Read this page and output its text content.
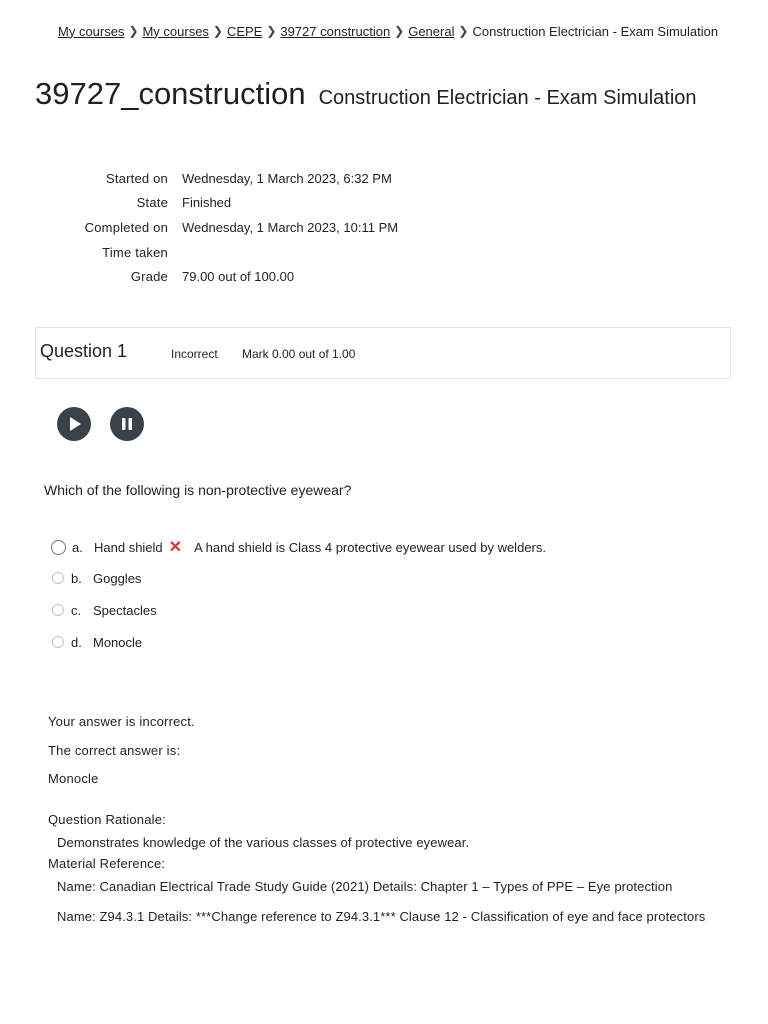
My courses ❯ My courses ❯ CEPE ❯ 39727 construction ❯ General ❯ Construction Electrician - Exam Simulation
39727_construction Construction Electrician - Exam Simulation
Started on	Wednesday, 1 March 2023, 6:32 PM
State	Finished
Completed on	Wednesday, 1 March 2023, 10:11 PM
Time taken
Grade	79.00 out of 100.00
Question 1	Incorrect Mark 0.00 out of 1.00
Which of the following is non-protective eyewear?
a. Hand shield ✕ A hand shield is Class 4 protective eyewear used by welders.
b. Goggles
c. Spectacles
d. Monocle
Your answer is incorrect.
The correct answer is:
Monocle
Question Rationale:
Demonstrates knowledge of the various classes of protective eyewear.
Material Reference:
Name: Canadian Electrical Trade Study Guide (2021) Details: Chapter 1 – Types of PPE – Eye protection
Name: Z94.3.1 Details: ***Change reference to Z94.3.1*** Clause 12 - Classification of eye and face protectors
